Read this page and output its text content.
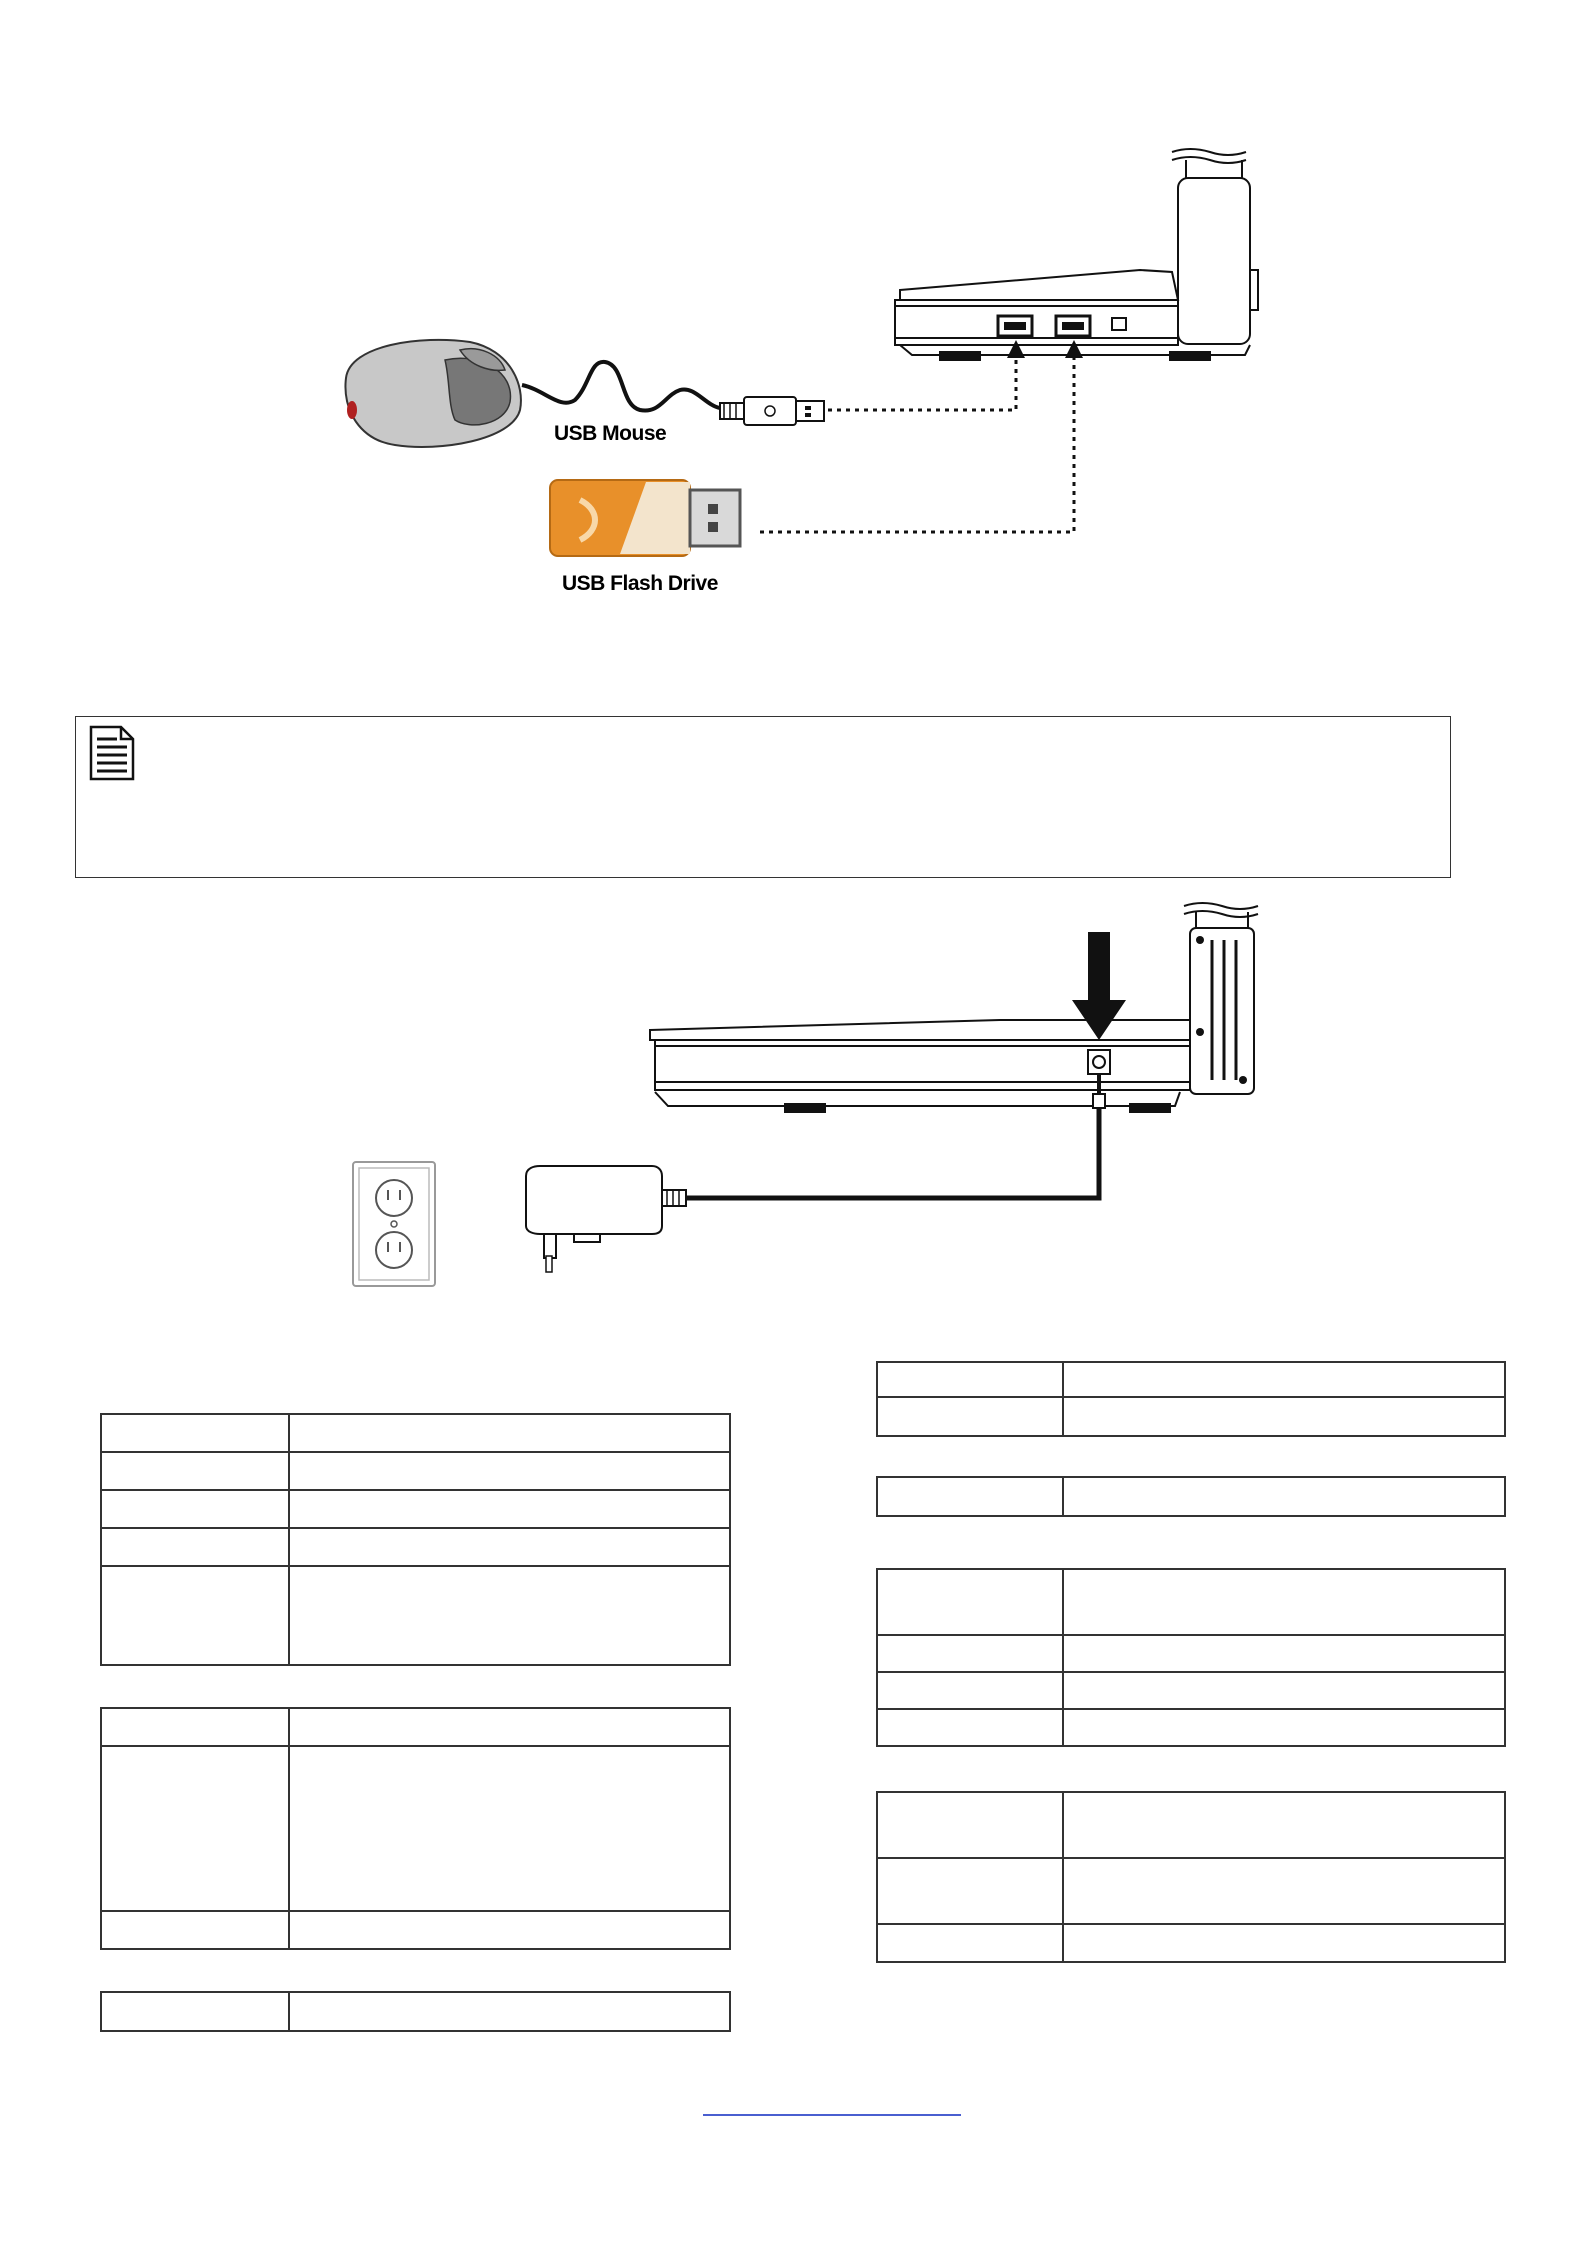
USB Mouse
USB Flash Drive
